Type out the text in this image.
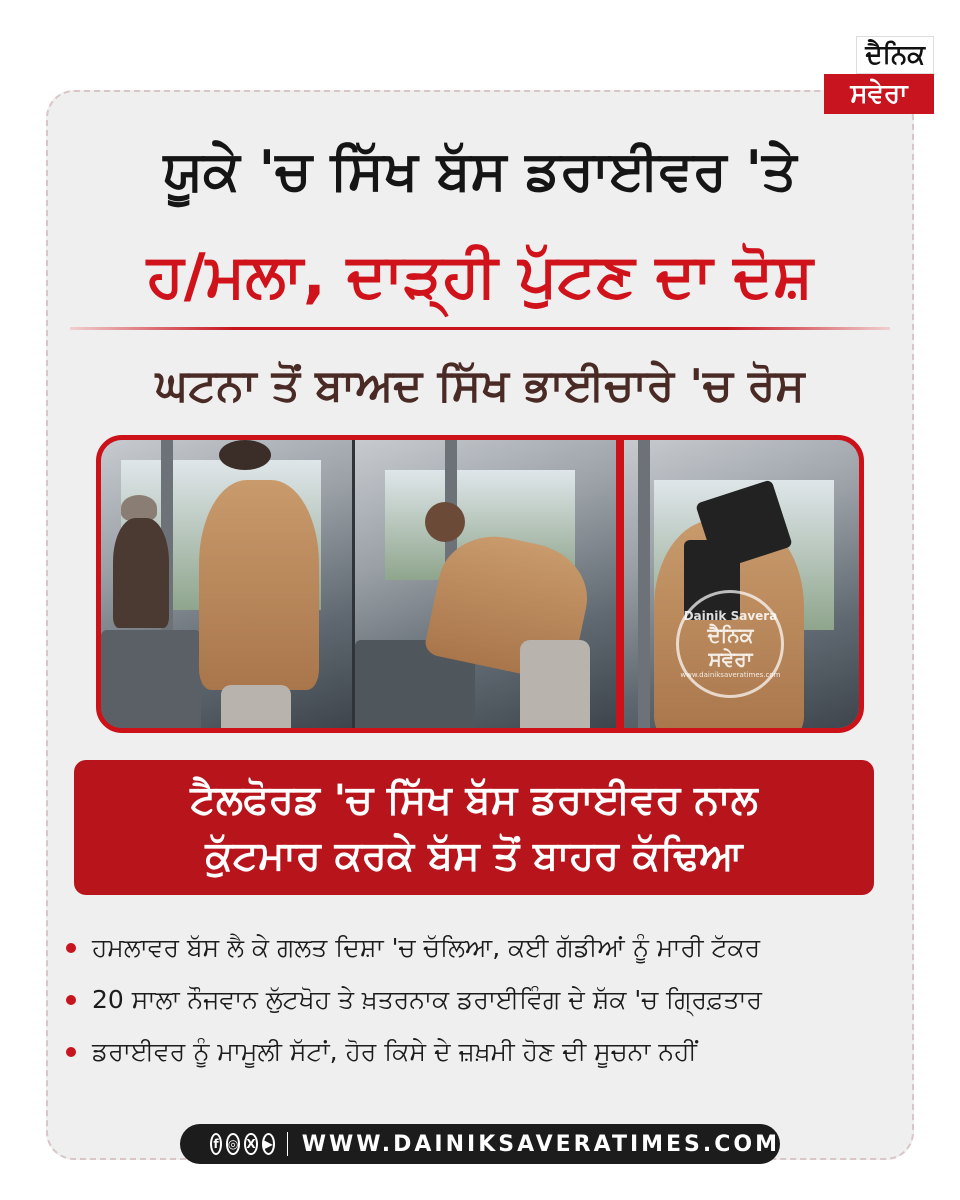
ਦੈਨਿਕ
ਸਵੇਰਾ
ਯੂਕੇ 'ਚ ਸਿੱਖ ਬੱਸ ਡਰਾਈਵਰ 'ਤੇ
ਹ/ਮਲਾ, ਦਾੜ੍ਹੀ ਪੁੱਟਣ ਦਾ ਦੋਸ਼
ਘਟਨਾ ਤੋਂ ਬਾਅਦ ਸਿੱਖ ਭਾਈਚਾਰੇ 'ਚ ਰੋਸ
Dainik Savera
ਦੈਨਿਕ
ਸਵੇਰਾ
www.dainiksaveratimes.com
ਟੈਲਫੋਰਡ 'ਚ ਸਿੱਖ ਬੱਸ ਡਰਾਈਵਰ ਨਾਲ
ਕੁੱਟਮਾਰ ਕਰਕੇ ਬੱਸ ਤੋਂ ਬਾਹਰ ਕੱਢਿਆ
ਹਮਲਾਵਰ ਬੱਸ ਲੈ ਕੇ ਗਲਤ ਦਿਸ਼ਾ 'ਚ ਚੱਲਿਆ, ਕਈ ਗੱਡੀਆਂ ਨੂੰ ਮਾਰੀ ਟੱਕਰ
20 ਸਾਲਾ ਨੌਜਵਾਨ ਲੁੱਟਖੋਹ ਤੇ ਖ਼ਤਰਨਾਕ ਡਰਾਈਵਿੰਗ ਦੇ ਸ਼ੱਕ 'ਚ ਗ੍ਰਿਫ਼ਤਾਰ
ਡਰਾਈਵਰ ਨੂੰ ਮਾਮੂਲੀ ਸੱਟਾਂ, ਹੋਰ ਕਿਸੇ ਦੇ ਜ਼ਖ਼ਮੀ ਹੋਣ ਦੀ ਸੂਚਨਾ ਨਹੀਂ
f ◎ X ▶ WWW.DAINIKSAVERATIMES.COM
